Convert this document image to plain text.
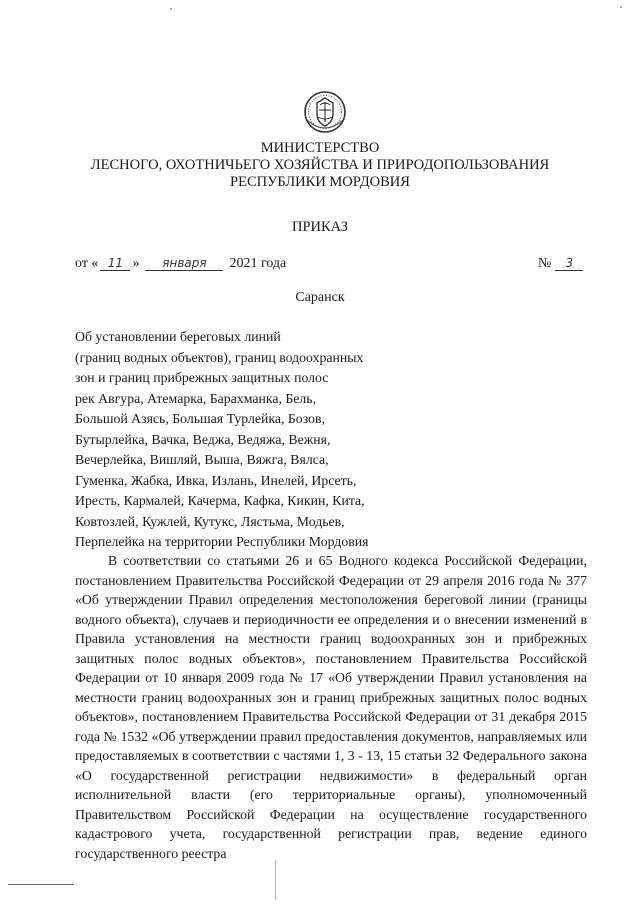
МИНИСТЕРСТВО
ЛЕСНОГО, ОХОТНИЧЬЕГО ХОЗЯЙСТВА И ПРИРОДОПОЛЬЗОВАНИЯ
РЕСПУБЛИКИ МОРДОВИЯ
ПРИКАЗ
от « 11 » января 2021 года	№ 3
Саранск
Об установлении береговых линий
(границ водных объектов), границ водоохранных
зон и границ прибрежных защитных полос
рек Авгура, Атемарка, Барахманка, Бель,
Большой Азясь, Большая Турлейка, Бозов,
Бутырлейка, Вачка, Веджа, Ведяжа, Вежня,
Вечерлейка, Вишляй, Выша, Вяжга, Вялса,
Гуменка, Жабка, Ивка, Излань, Инелей, Ирсеть,
Иресть, Кармалей, Качерма, Кафка, Кикин, Кита,
Ковтозлей, Кужлей, Кутукс, Лястьма, Модьев,
Перпелейка на территории Республики Мордовия

В соответствии со статьями 26 и 65 Водного кодекса Российской Федерации, постановлением Правительства Российской Федерации от 29 апреля 2016 года № 377 «Об утверждении Правил определения местоположения береговой линии (границы водного объекта), случаев и периодичности ее определения и о внесении изменений в Правила установления на местности границ водоохранных зон и прибрежных защитных полос водных объектов», постановлением Правительства Российской Федерации от 10 января 2009 года № 17 «Об утверждении Правил установления на местности границ водоохранных зон и границ прибрежных защитных полос водных объектов», постановлением Правительства Российской Федерации от 31 декабря 2015 года № 1532 «Об утверждении правил предоставления документов, направляемых или предоставляемых в соответствии с частями 1, 3 - 13, 15 статьи 32 Федерального закона «О государственной регистрации недвижимости» в федеральный орган исполнительной власти (его территориальные органы), уполномоченный Правительством Российской Федерации на осуществление государственного кадастрового учета, государственной регистрации прав, ведение единого государственного реестра
